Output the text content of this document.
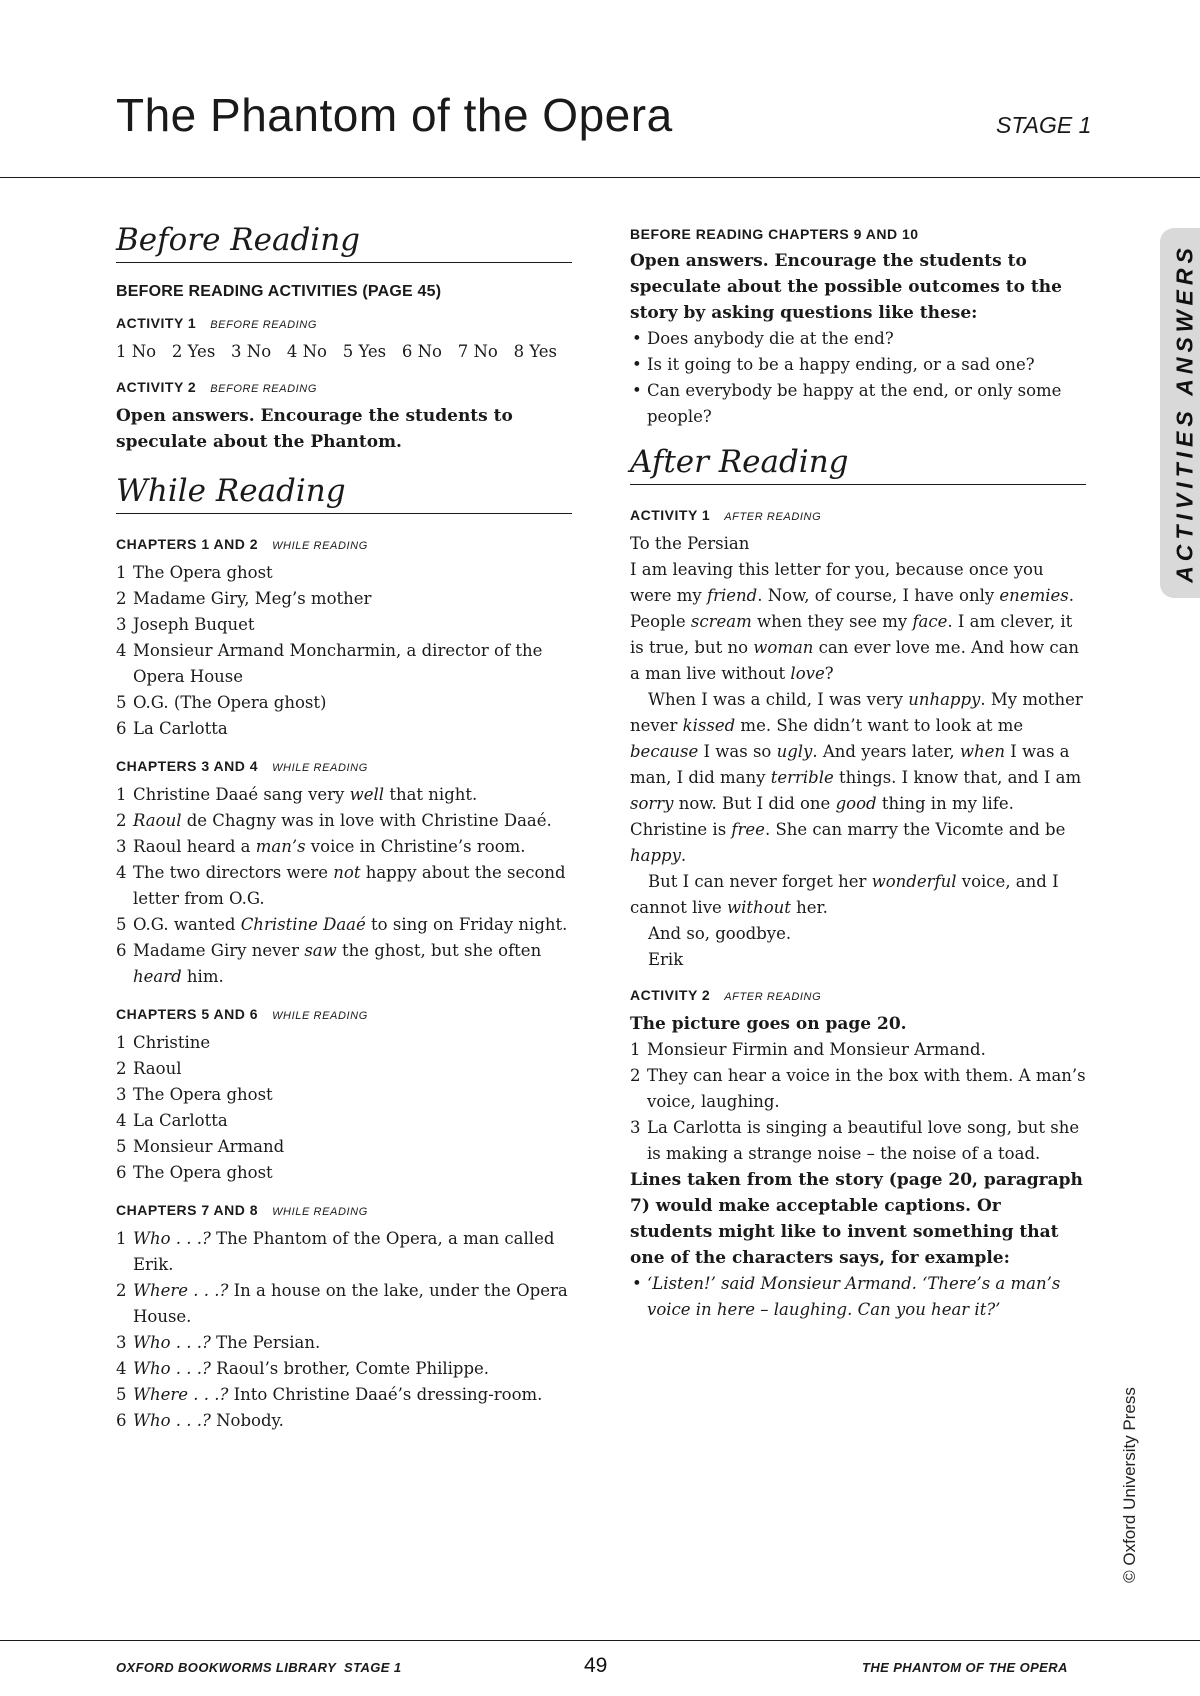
The Phantom of the Opera	STAGE 1
ACTIVITIES ANSWERS
© Oxford University Press
Before Reading
BEFORE READING ACTIVITIES (PAGE 45)
ACTIVITY 1 BEFORE READING
1 No   2 Yes   3 No   4 No   5 Yes   6 No   7 No   8 Yes
ACTIVITY 2 BEFORE READING
Open answers. Encourage the students to speculate about the Phantom.
While Reading
CHAPTERS 1 AND 2 WHILE READING
1 The Opera ghost
2 Madame Giry, Meg’s mother
3 Joseph Buquet
4 Monsieur Armand Moncharmin, a director of the Opera House
5 O.G. (The Opera ghost)
6 La Carlotta
CHAPTERS 3 AND 4 WHILE READING
1 Christine Daaé sang very well that night.
2 Raoul de Chagny was in love with Christine Daaé.
3 Raoul heard a man’s voice in Christine’s room.
4 The two directors were not happy about the second letter from O.G.
5 O.G. wanted Christine Daaé to sing on Friday night.
6 Madame Giry never saw the ghost, but she often heard him.
CHAPTERS 5 AND 6 WHILE READING
1 Christine
2 Raoul
3 The Opera ghost
4 La Carlotta
5 Monsieur Armand
6 The Opera ghost
CHAPTERS 7 AND 8 WHILE READING
1 Who . . .? The Phantom of the Opera, a man called Erik.
2 Where . . .? In a house on the lake, under the Opera House.
3 Who . . .? The Persian.
4 Who . . .? Raoul’s brother, Comte Philippe.
5 Where . . .? Into Christine Daaé’s dressing-room.
6 Who . . .? Nobody.
BEFORE READING CHAPTERS 9 AND 10
Open answers. Encourage the students to speculate about the possible outcomes to the story by asking questions like these:
• Does anybody die at the end?
• Is it going to be a happy ending, or a sad one?
• Can everybody be happy at the end, or only some people?
After Reading
ACTIVITY 1 AFTER READING
To the Persian
I am leaving this letter for you, because once you were my friend. Now, of course, I have only enemies. People scream when they see my face. I am clever, it is true, but no woman can ever love me. And how can a man live without love?
When I was a child, I was very unhappy. My mother never kissed me. She didn’t want to look at me because I was so ugly. And years later, when I was a man, I did many terrible things. I know that, and I am sorry now. But I did one good thing in my life. Christine is free. She can marry the Vicomte and be happy.
But I can never forget her wonderful voice, and I cannot live without her.
And so, goodbye.
Erik
ACTIVITY 2 AFTER READING
The picture goes on page 20.
1 Monsieur Firmin and Monsieur Armand.
2 They can hear a voice in the box with them. A man’s voice, laughing.
3 La Carlotta is singing a beautiful love song, but she is making a strange noise – the noise of a toad.
Lines taken from the story (page 20, paragraph 7) would make acceptable captions. Or students might like to invent something that one of the characters says, for example:
• ‘Listen!’ said Monsieur Armand. ‘There’s a man’s voice in here – laughing. Can you hear it?’
OXFORD BOOKWORMS LIBRARY  STAGE 1	49	THE PHANTOM OF THE OPERA
